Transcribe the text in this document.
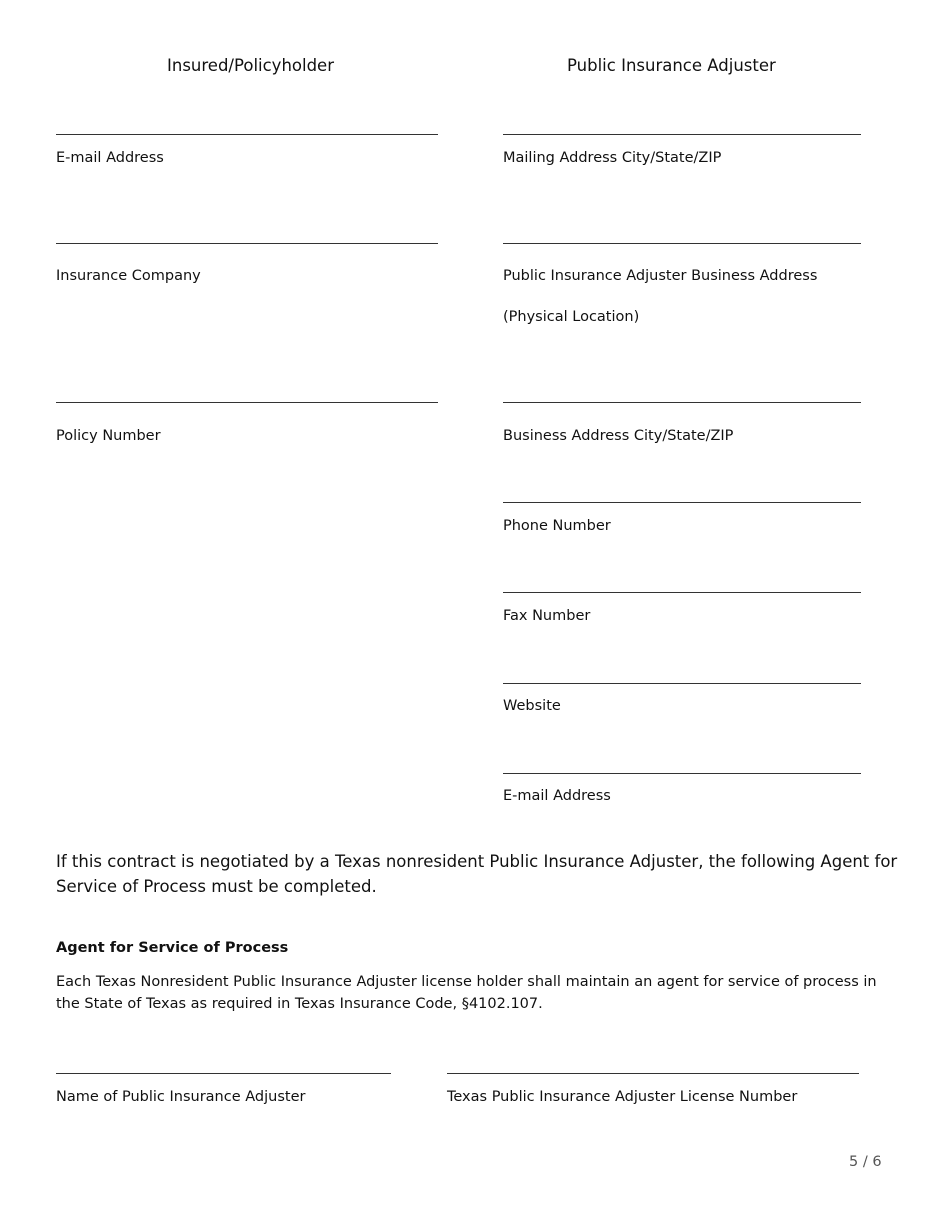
Insured/Policyholder	Public Insurance Adjuster
E-mail Address
Insurance Company
Policy Number
Mailing Address City/State/ZIP
Public Insurance Adjuster Business Address
(Physical Location)
Business Address City/State/ZIP
Phone Number
Fax Number
Website
E-mail Address
If this contract is negotiated by a Texas nonresident Public Insurance Adjuster, the following Agent for Service of Process must be completed.
Agent for Service of Process
Each Texas Nonresident Public Insurance Adjuster license holder shall maintain an agent for service of process in the State of Texas as required in Texas Insurance Code, §4102.107.
Name of Public Insurance Adjuster	Texas Public Insurance Adjuster License Number
5 / 6
